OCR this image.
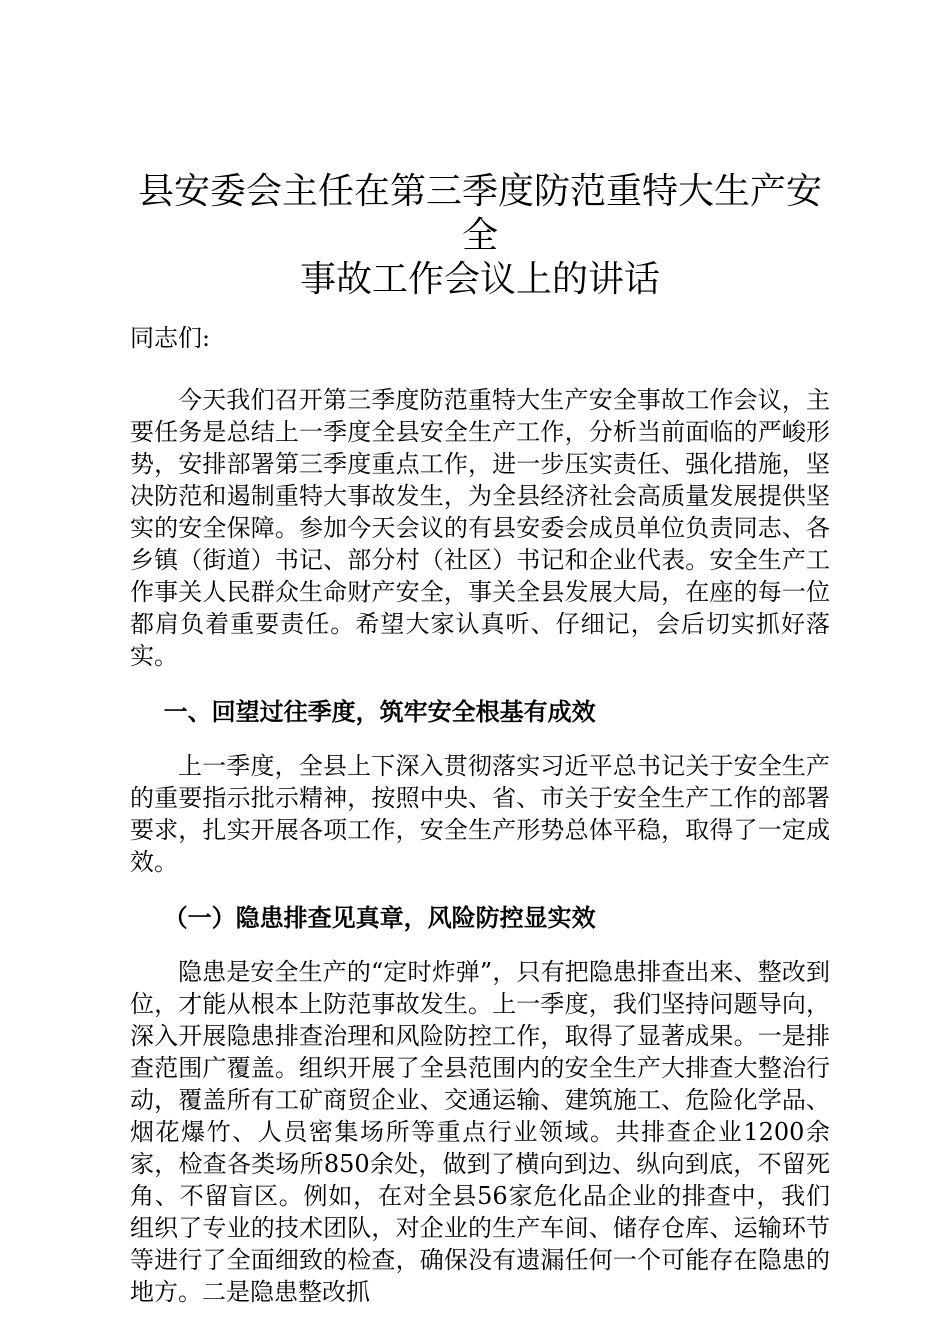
县安委会主任在第三季度防范重特大生产安全
事故工作会议上的讲话

同志们:

今天我们召开第三季度防范重特大生产安全事故工作会议，主要任务是总结上一季度全县安全生产工作，分析当前面临的严峻形势，安排部署第三季度重点工作，进一步压实责任、强化措施，坚决防范和遏制重特大事故发生，为全县经济社会高质量发展提供坚实的安全保障。参加今天会议的有县安委会成员单位负责同志、各乡镇（街道）书记、部分村（社区）书记和企业代表。安全生产工作事关人民群众生命财产安全，事关全县发展大局，在座的每一位都肩负着重要责任。希望大家认真听、仔细记，会后切实抓好落实。

一、回望过往季度，筑牢安全根基有成效

上一季度，全县上下深入贯彻落实习近平总书记关于安全生产的重要指示批示精神，按照中央、省、市关于安全生产工作的部署要求，扎实开展各项工作，安全生产形势总体平稳，取得了一定成效。

（一）隐患排查见真章，风险防控显实效

隐患是安全生产的“定时炸弹”，只有把隐患排查出来、整改到位，才能从根本上防范事故发生。上一季度，我们坚持问题导向，深入开展隐患排查治理和风险防控工作，取得了显著成果。一是排查范围广覆盖。组织开展了全县范围内的安全生产大排查大整治行动，覆盖所有工矿商贸企业、交通运输、建筑施工、危险化学品、烟花爆竹、人员密集场所等重点行业领域。共排查企业1200余家，检查各类场所850余处，做到了横向到边、纵向到底，不留死角、不留盲区。例如，在对全县56家危化品企业的排查中，我们组织了专业的技术团队，对企业的生产车间、储存仓库、运输环节等进行了全面细致的检查，确保没有遗漏任何一个可能存在隐患的地方。二是隐患整改抓
